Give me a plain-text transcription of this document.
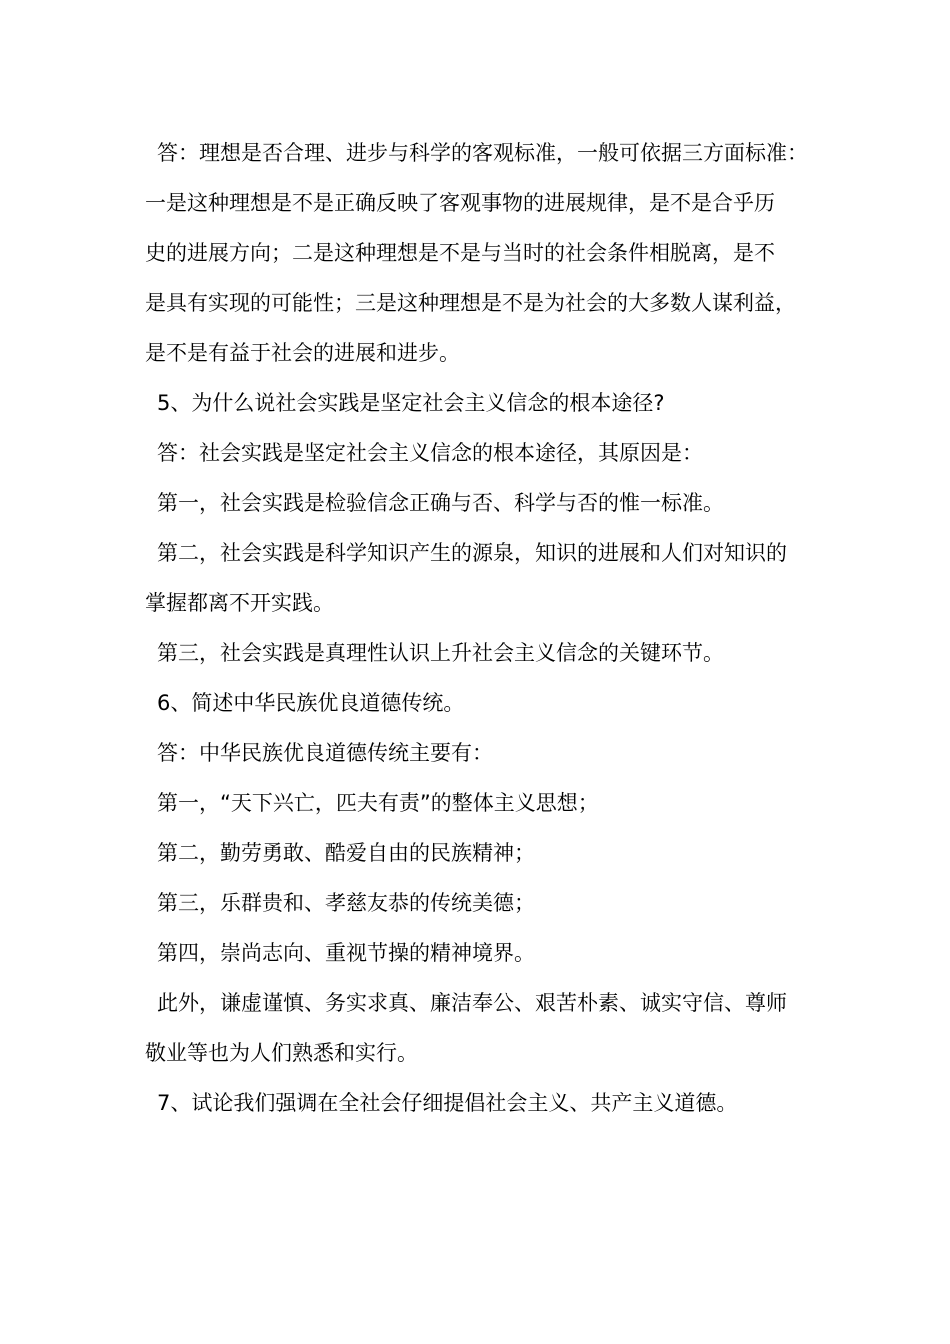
答：理想是否合理、进步与科学的客观标准，一般可依据三方面标准：
一是这种理想是不是正确反映了客观事物的进展规律，是不是合乎历
史的进展方向；二是这种理想是不是与当时的社会条件相脱离，是不
是具有实现的可能性；三是这种理想是不是为社会的大多数人谋利益，
是不是有益于社会的进展和进步。
5、为什么说社会实践是坚定社会主义信念的根本途径?
答：社会实践是坚定社会主义信念的根本途径，其原因是：
第一，社会实践是检验信念正确与否、科学与否的惟一标准。
第二，社会实践是科学知识产生的源泉，知识的进展和人们对知识的
掌握都离不开实践。
第三，社会实践是真理性认识上升社会主义信念的关键环节。
6、简述中华民族优良道德传统。
答：中华民族优良道德传统主要有：
第一，“天下兴亡，匹夫有责”的整体主义思想；
第二，勤劳勇敢、酷爱自由的民族精神；
第三，乐群贵和、孝慈友恭的传统美德；
第四，崇尚志向、重视节操的精神境界。
此外，谦虚谨慎、务实求真、廉洁奉公、艰苦朴素、诚实守信、尊师
敬业等也为人们熟悉和实行。
7、试论我们强调在全社会仔细提倡社会主义、共产主义道德。
